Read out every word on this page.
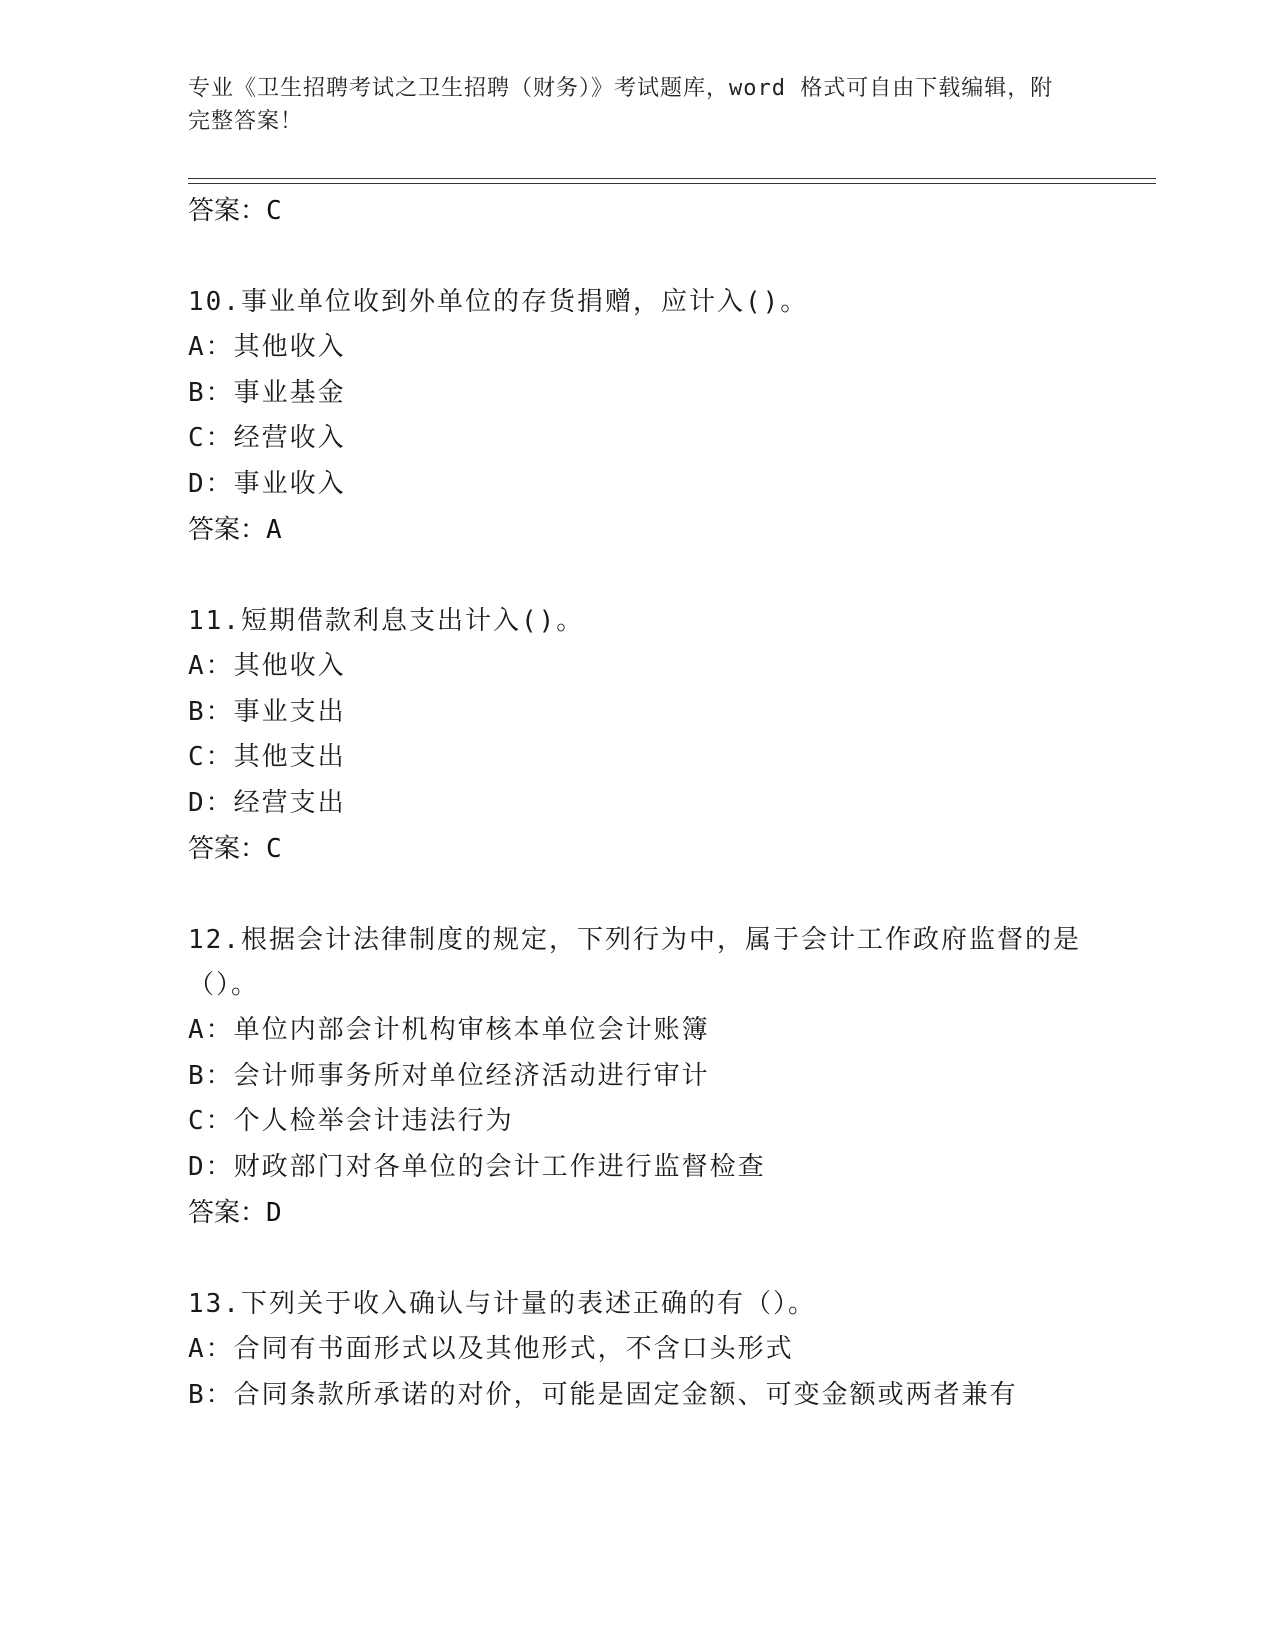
专业《卫生招聘考试之卫生招聘（财务）》考试题库，word 格式可自由下载编辑，附完整答案！
答案：C
10.事业单位收到外单位的存货捐赠，应计入()。
A：其他收入
B：事业基金
C：经营收入
D：事业收入
答案：A
11.短期借款利息支出计入()。
A：其他收入
B：事业支出
C：其他支出
D：经营支出
答案：C
12.根据会计法律制度的规定，下列行为中，属于会计工作政府监督的是（）。
A：单位内部会计机构审核本单位会计账簿
B：会计师事务所对单位经济活动进行审计
C：个人检举会计违法行为
D：财政部门对各单位的会计工作进行监督检查
答案：D
13.下列关于收入确认与计量的表述正确的有（）。
A：合同有书面形式以及其他形式，不含口头形式
B：合同条款所承诺的对价，可能是固定金额、可变金额或两者兼有
